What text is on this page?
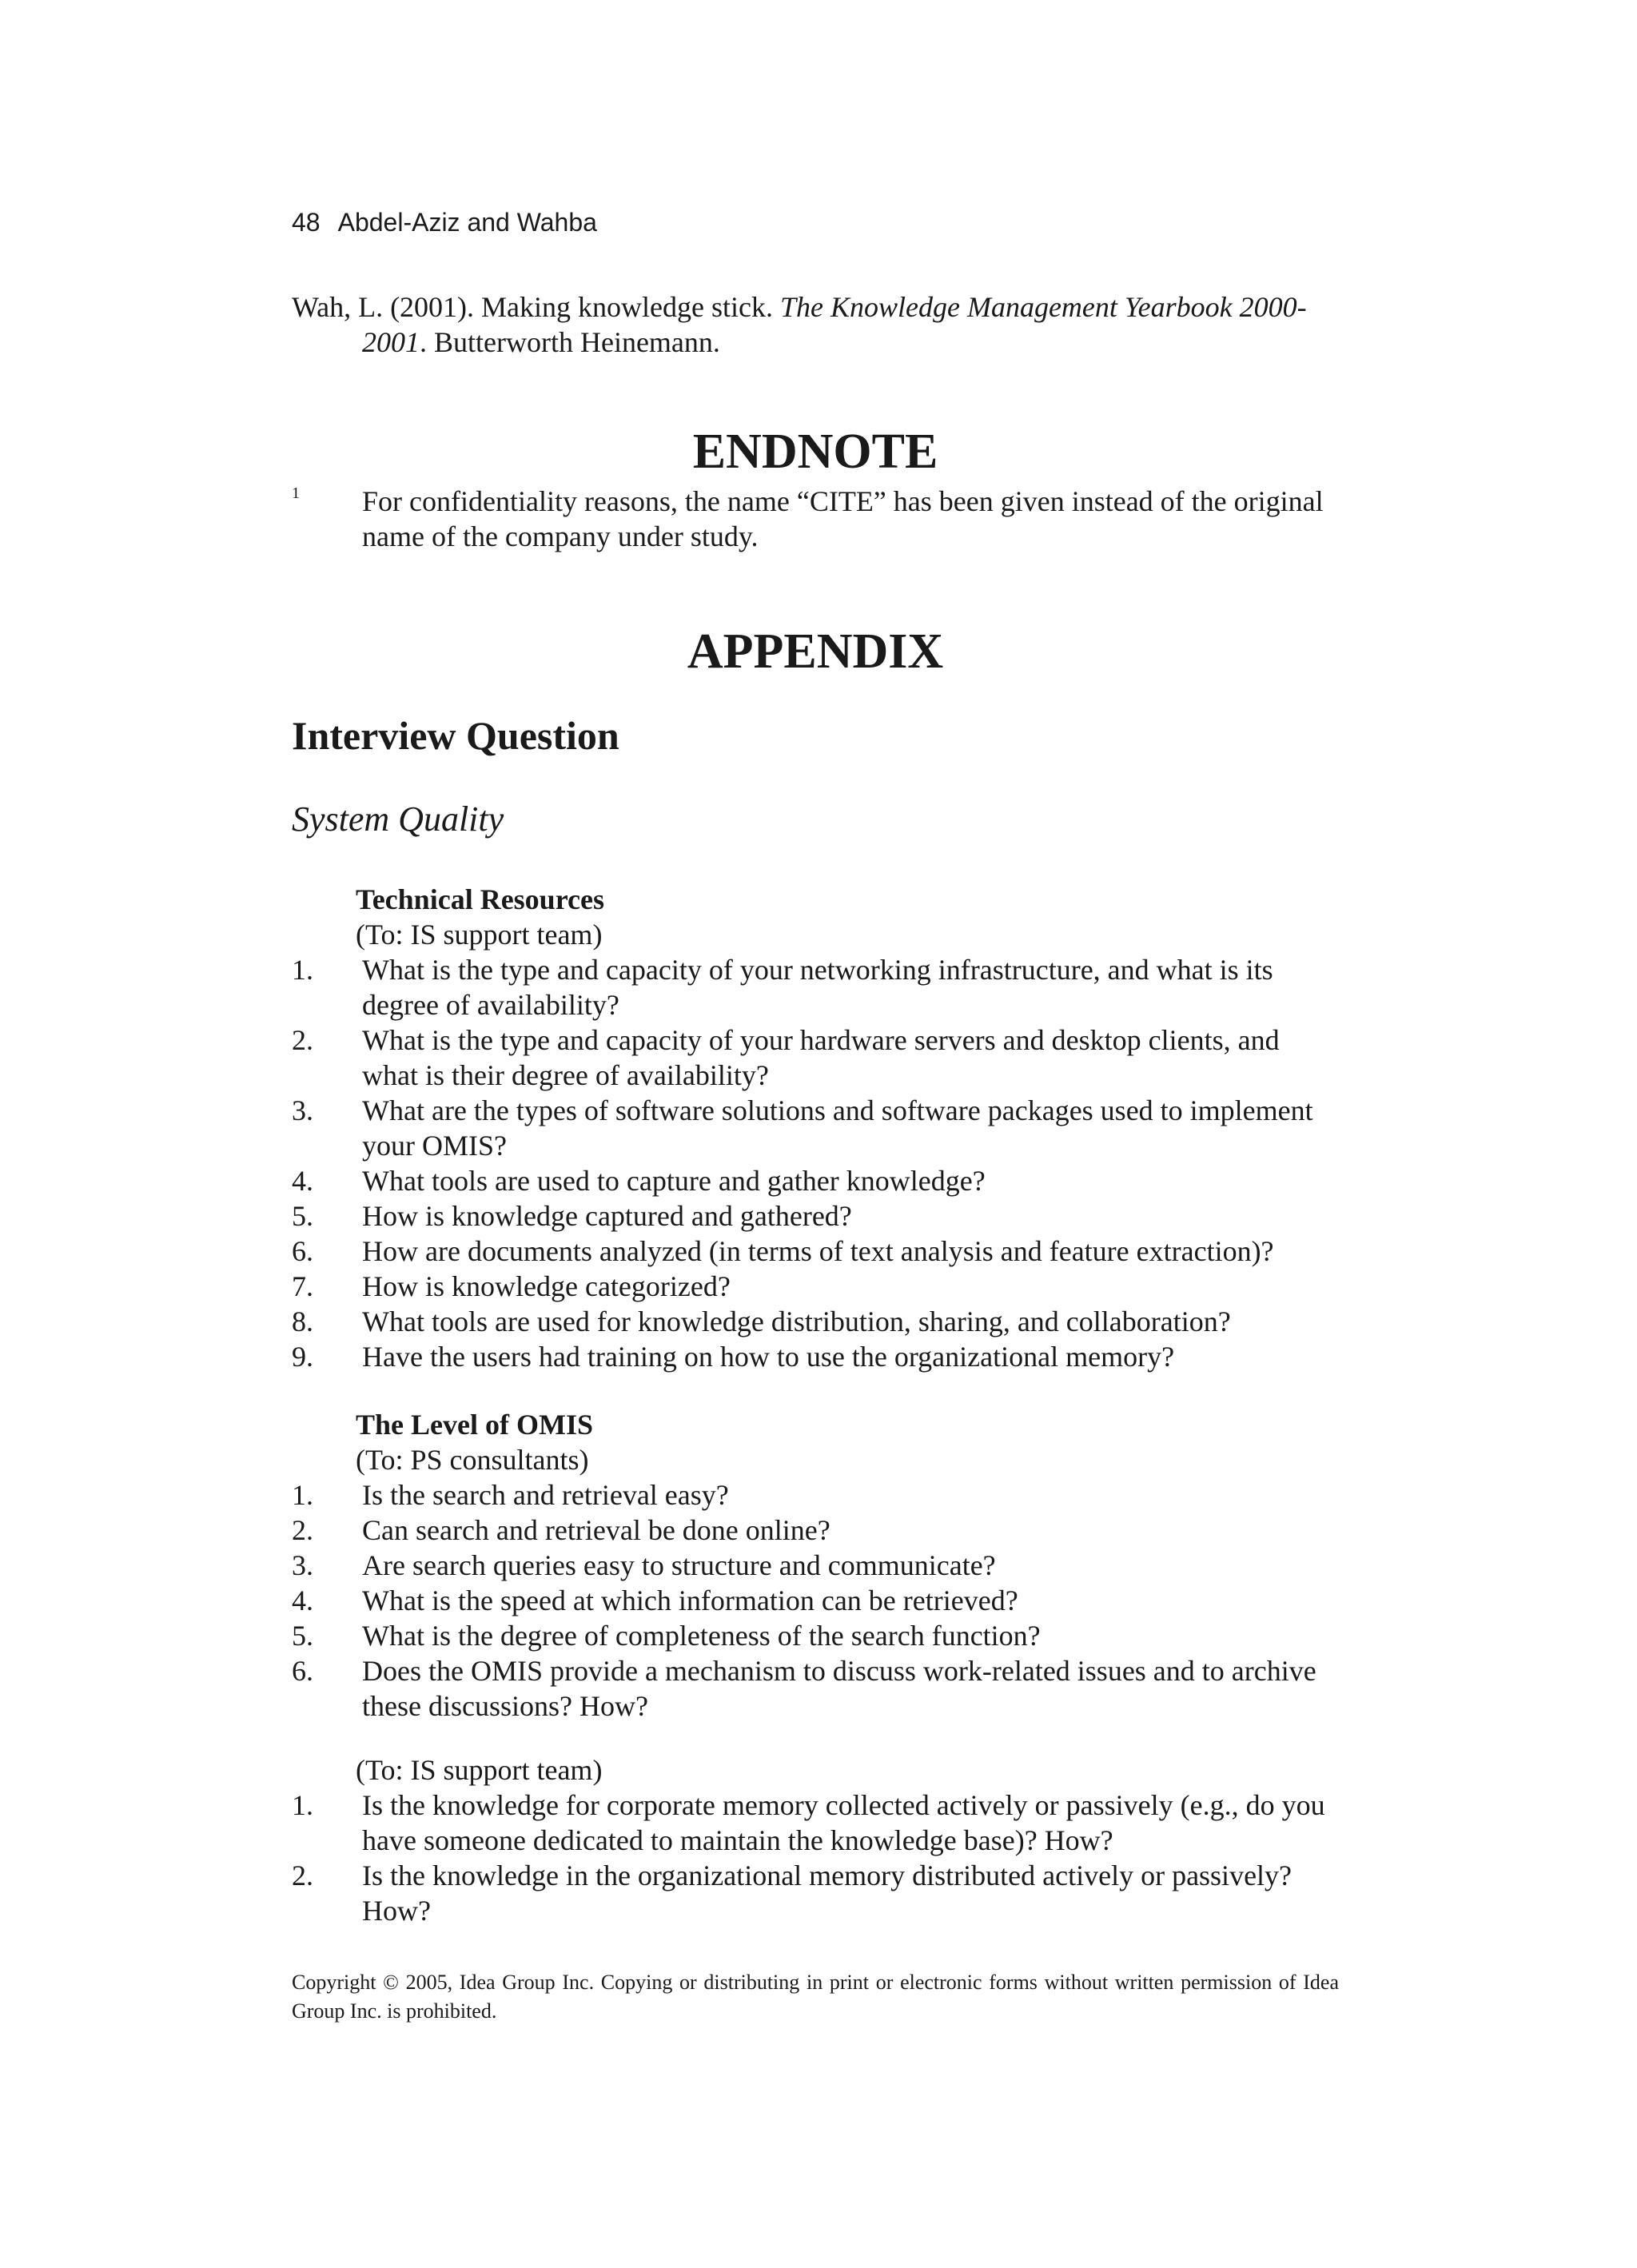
48 Abdel-Aziz and Wahba
Wah, L. (2001). Making knowledge stick. The Knowledge Management Yearbook 2000-
2001. Butterworth Heinemann.
ENDNOTE
1	For confidentiality reasons, the name “CITE” has been given instead of the original name of the company under study.
APPENDIX
Interview Question
System Quality
Technical Resources
(To: IS support team)
1. What is the type and capacity of your networking infrastructure, and what is its degree of availability?
2. What is the type and capacity of your hardware servers and desktop clients, and what is their degree of availability?
3. What are the types of software solutions and software packages used to implement your OMIS?
4. What tools are used to capture and gather knowledge?
5. How is knowledge captured and gathered?
6. How are documents analyzed (in terms of text analysis and feature extraction)?
7. How is knowledge categorized?
8. What tools are used for knowledge distribution, sharing, and collaboration?
9. Have the users had training on how to use the organizational memory?
The Level of OMIS
(To: PS consultants)
1. Is the search and retrieval easy?
2. Can search and retrieval be done online?
3. Are search queries easy to structure and communicate?
4. What is the speed at which information can be retrieved?
5. What is the degree of completeness of the search function?
6. Does the OMIS provide a mechanism to discuss work-related issues and to archive these discussions? How?
(To: IS support team)
1. Is the knowledge for corporate memory collected actively or passively (e.g., do you have someone dedicated to maintain the knowledge base)? How?
2. Is the knowledge in the organizational memory distributed actively or passively? How?
Copyright © 2005, Idea Group Inc. Copying or distributing in print or electronic forms without written permission of Idea Group Inc. is prohibited.
